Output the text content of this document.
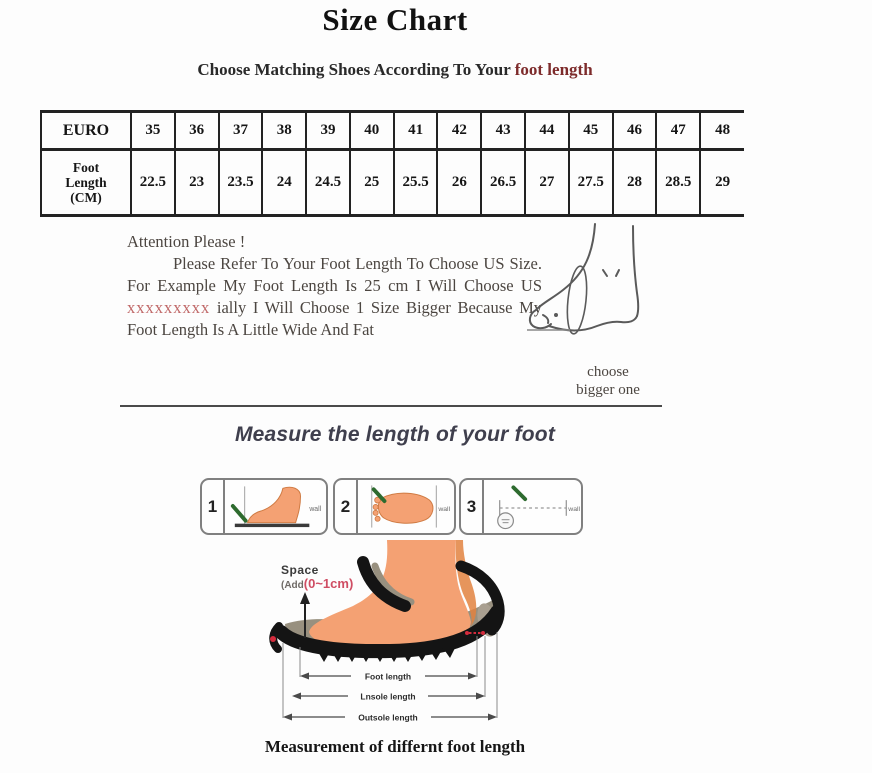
Size Chart
Choose Matching Shoes According To Your foot length
EURO	35	36	37	38	39	40	41	42	43	44	45	46	47	48

Foot
Length
(CM)	22.5	23	23.5	24	24.5	25	25.5	26	26.5	27	27.5	28	28.5	29
Attention Please !

Please Refer To Your Foot Length To Choose US Size. For Example My Foot Length Is 25 cm I Will Choose US xxxxxxxxx ially I Will Choose 1 Size Bigger Because My Foot Length Is A Little Wide And Fat

choose
bigger one
Measure the length of your foot
1	wall	2	wall 3	wall
Space
(Add(0~1cm)
Foot length
Lnsole length
Outsole length
Measurement of differnt foot length
